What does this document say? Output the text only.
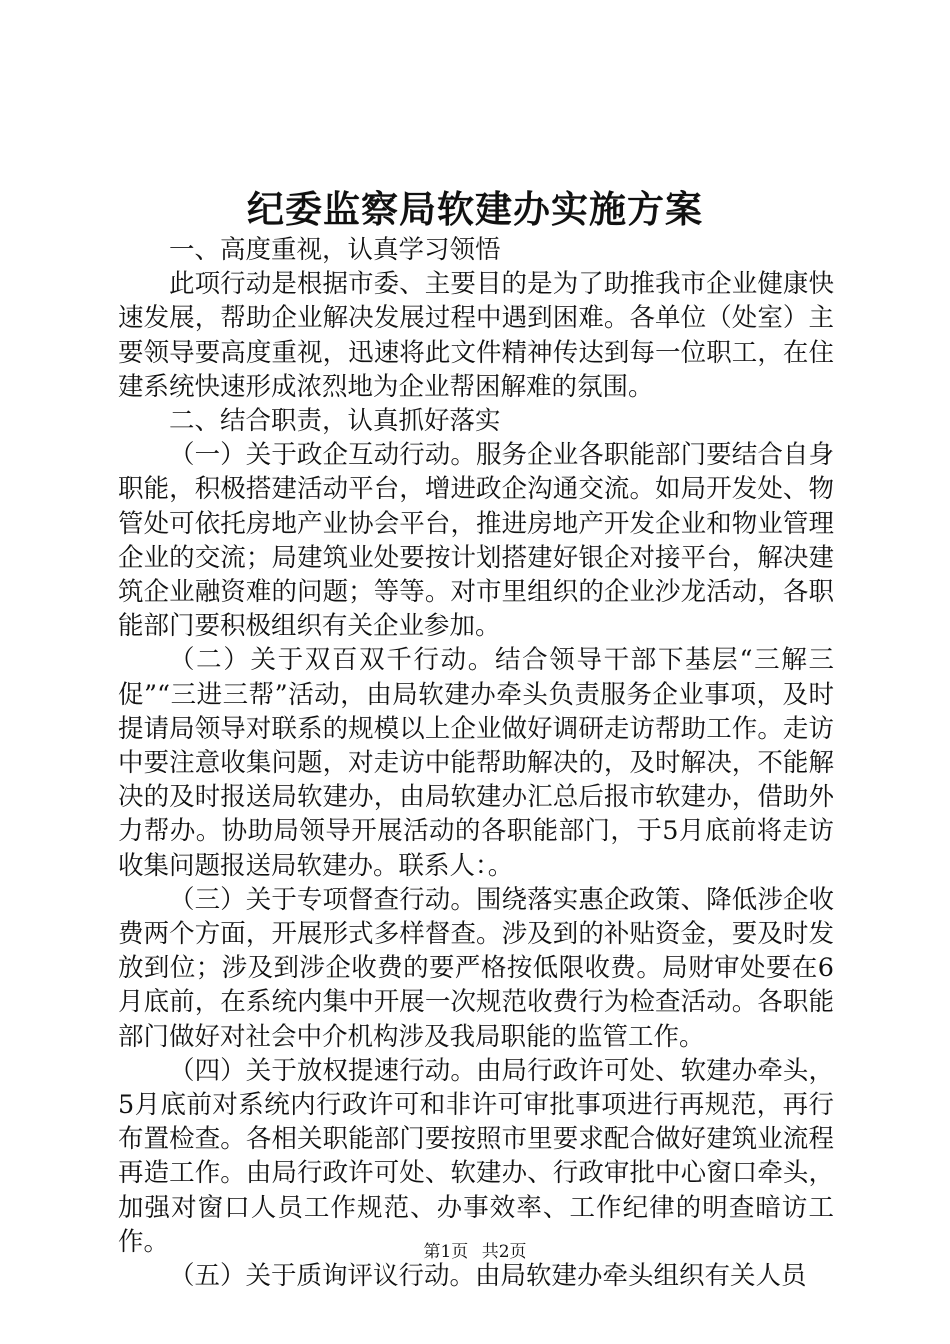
纪委监察局软建办实施方案

一、高度重视，认真学习领悟

此项行动是根据市委、主要目的是为了助推我市企业健康快速发展，帮助企业解决发展过程中遇到困难。各单位（处室）主要领导要高度重视，迅速将此文件精神传达到每一位职工，在住建系统快速形成浓烈地为企业帮困解难的氛围。

二、结合职责，认真抓好落实

（一）关于政企互动行动。服务企业各职能部门要结合自身职能，积极搭建活动平台，增进政企沟通交流。如局开发处、物管处可依托房地产业协会平台，推进房地产开发企业和物业管理企业的交流；局建筑业处要按计划搭建好银企对接平台，解决建筑企业融资难的问题；等等。对市里组织的企业沙龙活动，各职能部门要积极组织有关企业参加。

（二）关于双百双千行动。结合领导干部下基层“三解三促”“三进三帮”活动，由局软建办牵头负责服务企业事项，及时提请局领导对联系的规模以上企业做好调研走访帮助工作。走访中要注意收集问题，对走访中能帮助解决的，及时解决，不能解决的及时报送局软建办，由局软建办汇总后报市软建办，借助外力帮办。协助局领导开展活动的各职能部门，于5月底前将走访收集问题报送局软建办。联系人：。

（三）关于专项督查行动。围绕落实惠企政策、降低涉企收费两个方面，开展形式多样督查。涉及到的补贴资金，要及时发放到位；涉及到涉企收费的要严格按低限收费。局财审处要在6月底前，在系统内集中开展一次规范收费行为检查活动。各职能部门做好对社会中介机构涉及我局职能的监管工作。

（四）关于放权提速行动。由局行政许可处、软建办牵头，5月底前对系统内行政许可和非许可审批事项进行再规范，再行布置检查。各相关职能部门要按照市里要求配合做好建筑业流程再造工作。由局行政许可处、软建办、行政审批中心窗口牵头，加强对窗口人员工作规范、办事效率、工作纪律的明查暗访工作。

（五）关于质询评议行动。由局软建办牵头组织有关人员

第1页 共2页
